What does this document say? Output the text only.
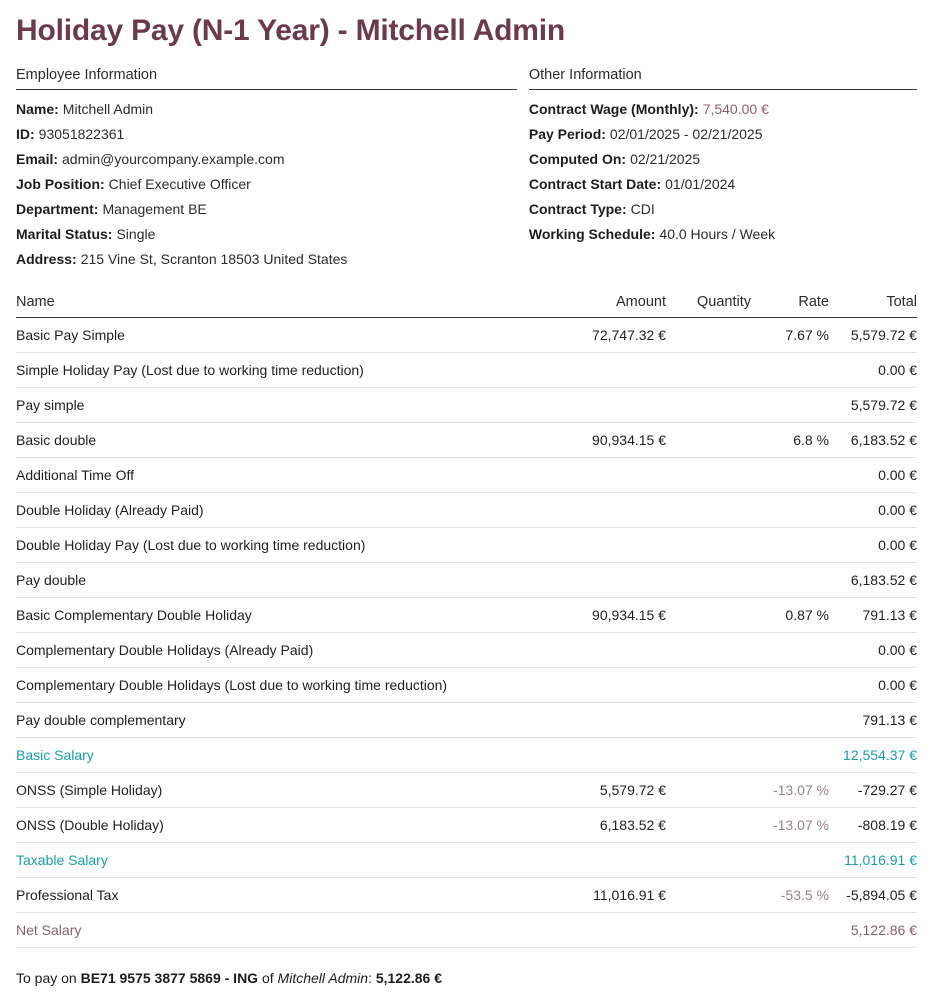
Holiday Pay (N-1 Year) - Mitchell Admin
Employee Information
Name: Mitchell Admin
ID: 93051822361
Email: admin@yourcompany.example.com
Job Position: Chief Executive Officer
Department: Management BE
Marital Status: Single
Address: 215 Vine St, Scranton 18503 United States
Other Information
Contract Wage (Monthly): 7,540.00 €
Pay Period: 02/01/2025 - 02/21/2025
Computed On: 02/21/2025
Contract Start Date: 01/01/2024
Contract Type: CDI
Working Schedule: 40.0 Hours / Week
Name	Amount	Quantity	Rate	Total
Basic Pay Simple	72,747.32 €		7.67 %	5,579.72 €
Simple Holiday Pay (Lost due to working time reduction)				0.00 €
Pay simple				5,579.72 €
Basic double	90,934.15 €		6.8 %	6,183.52 €
Additional Time Off				0.00 €
Double Holiday (Already Paid)				0.00 €
Double Holiday Pay (Lost due to working time reduction)				0.00 €
Pay double				6,183.52 €
Basic Complementary Double Holiday	90,934.15 €		0.87 %	791.13 €
Complementary Double Holidays (Already Paid)				0.00 €
Complementary Double Holidays (Lost due to working time reduction)				0.00 €
Pay double complementary				791.13 €
Basic Salary				12,554.37 €
ONSS (Simple Holiday)	5,579.72 €		-13.07 %	-729.27 €
ONSS (Double Holiday)	6,183.52 €		-13.07 %	-808.19 €
Taxable Salary				11,016.91 €
Professional Tax	11,016.91 €		-53.5 %	-5,894.05 €
Net Salary				5,122.86 €
To pay on BE71 9575 3877 5869 - ING of Mitchell Admin: 5,122.86 €
